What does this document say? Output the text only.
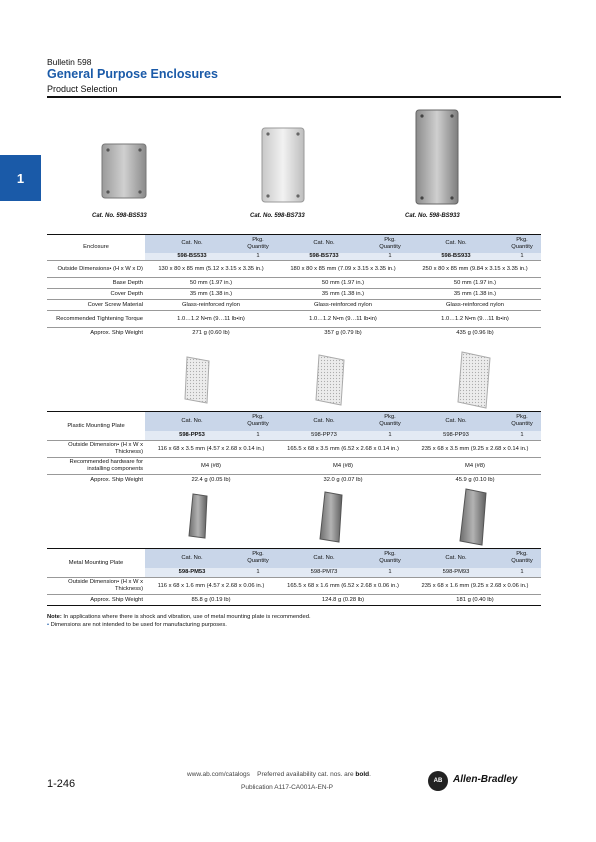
Bulletin 598
General Purpose Enclosures
Product Selection
1
Cat. No. 598-BS533	Cat. No. 598-BS733	Cat. No. 598-BS933
Enclosure	Cat. No.	Pkg. Quantity	Cat. No.	Pkg. Quantity	Cat. No.	Pkg. Quantity
	598-BS533	1	598-BS733	1	598-BS933	1
Outside Dimensions• (H x W x D)	130 x 80 x 85 mm (5.12 x 3.15 x 3.35 in.)		180 x 80 x 85 mm (7.09 x 3.15 x 3.35 in.)		250 x 80 x 85 mm (9.84 x 3.15 x 3.35 in.)	
Base Depth	50 mm (1.97 in.)		50 mm (1.97 in.)		50 mm (1.97 in.)	
Cover Depth	35 mm (1.38 in.)		35 mm (1.38 in.)		35 mm (1.38 in.)	
Cover Screw Material	Glass-reinforced nylon		Glass-reinforced nylon		Glass-reinforced nylon	
Recommended Tightening Torque	1.0…1.2 N•m (9…11 lb•in)		1.0…1.2 N•m (9…11 lb•in)		1.0…1.2 N•m (9…11 lb•in)	
Approx. Ship Weight	271 g (0.60 lb)		357 g (0.79 lb)		435 g (0.96 lb)	
Plastic Mounting Plate	Cat. No.	Pkg. Quantity	Cat. No.	Pkg. Quantity	Cat. No.	Pkg. Quantity
	598-PP53	1	598-PP73	1	598-PP93	1
Outside Dimension• (H x W x Thickness)	116 x 68 x 3.5 mm (4.57 x 2.68 x 0.14 in.)		165.5 x 68 x 3.5 mm (6.52 x 2.68 x 0.14 in.)		235 x 68 x 3.5 mm (9.25 x 2.68 x 0.14 in.)	
Recommended hardware for installing components	M4 (#8)		M4 (#8)		M4 (#8)	
Approx. Ship Weight	22.4 g (0.05 lb)		32.0 g (0.07 lb)		45.9 g (0.10 lb)	
Metal Mounting Plate	Cat. No.	Pkg. Quantity	Cat. No.	Pkg. Quantity	Cat. No.	Pkg. Quantity
	598-PM53	1	598-PM73	1	598-PM93	1
Outside Dimension• (H x W x Thickness)	116 x 68 x 1.6 mm (4.57 x 2.68 x 0.06 in.)		165.5 x 68 x 1.6 mm (6.52 x 2.68 x 0.06 in.)		235 x 68 x 1.6 mm (9.25 x 2.68 x 0.06 in.)	
Approx. Ship Weight	85.8 g (0.19 lb)		124.8 g (0.28 lb)		181 g (0.40 lb)	
Note: In applications where there is shock and vibration, use of metal mounting plate is recommended.
• Dimensions are not intended to be used for manufacturing purposes.
1-246
www.ab.com/catalogs Preferred availability cat. nos. are bold.
Publication A117-CA001A-EN-P
AB	Allen-Bradley
